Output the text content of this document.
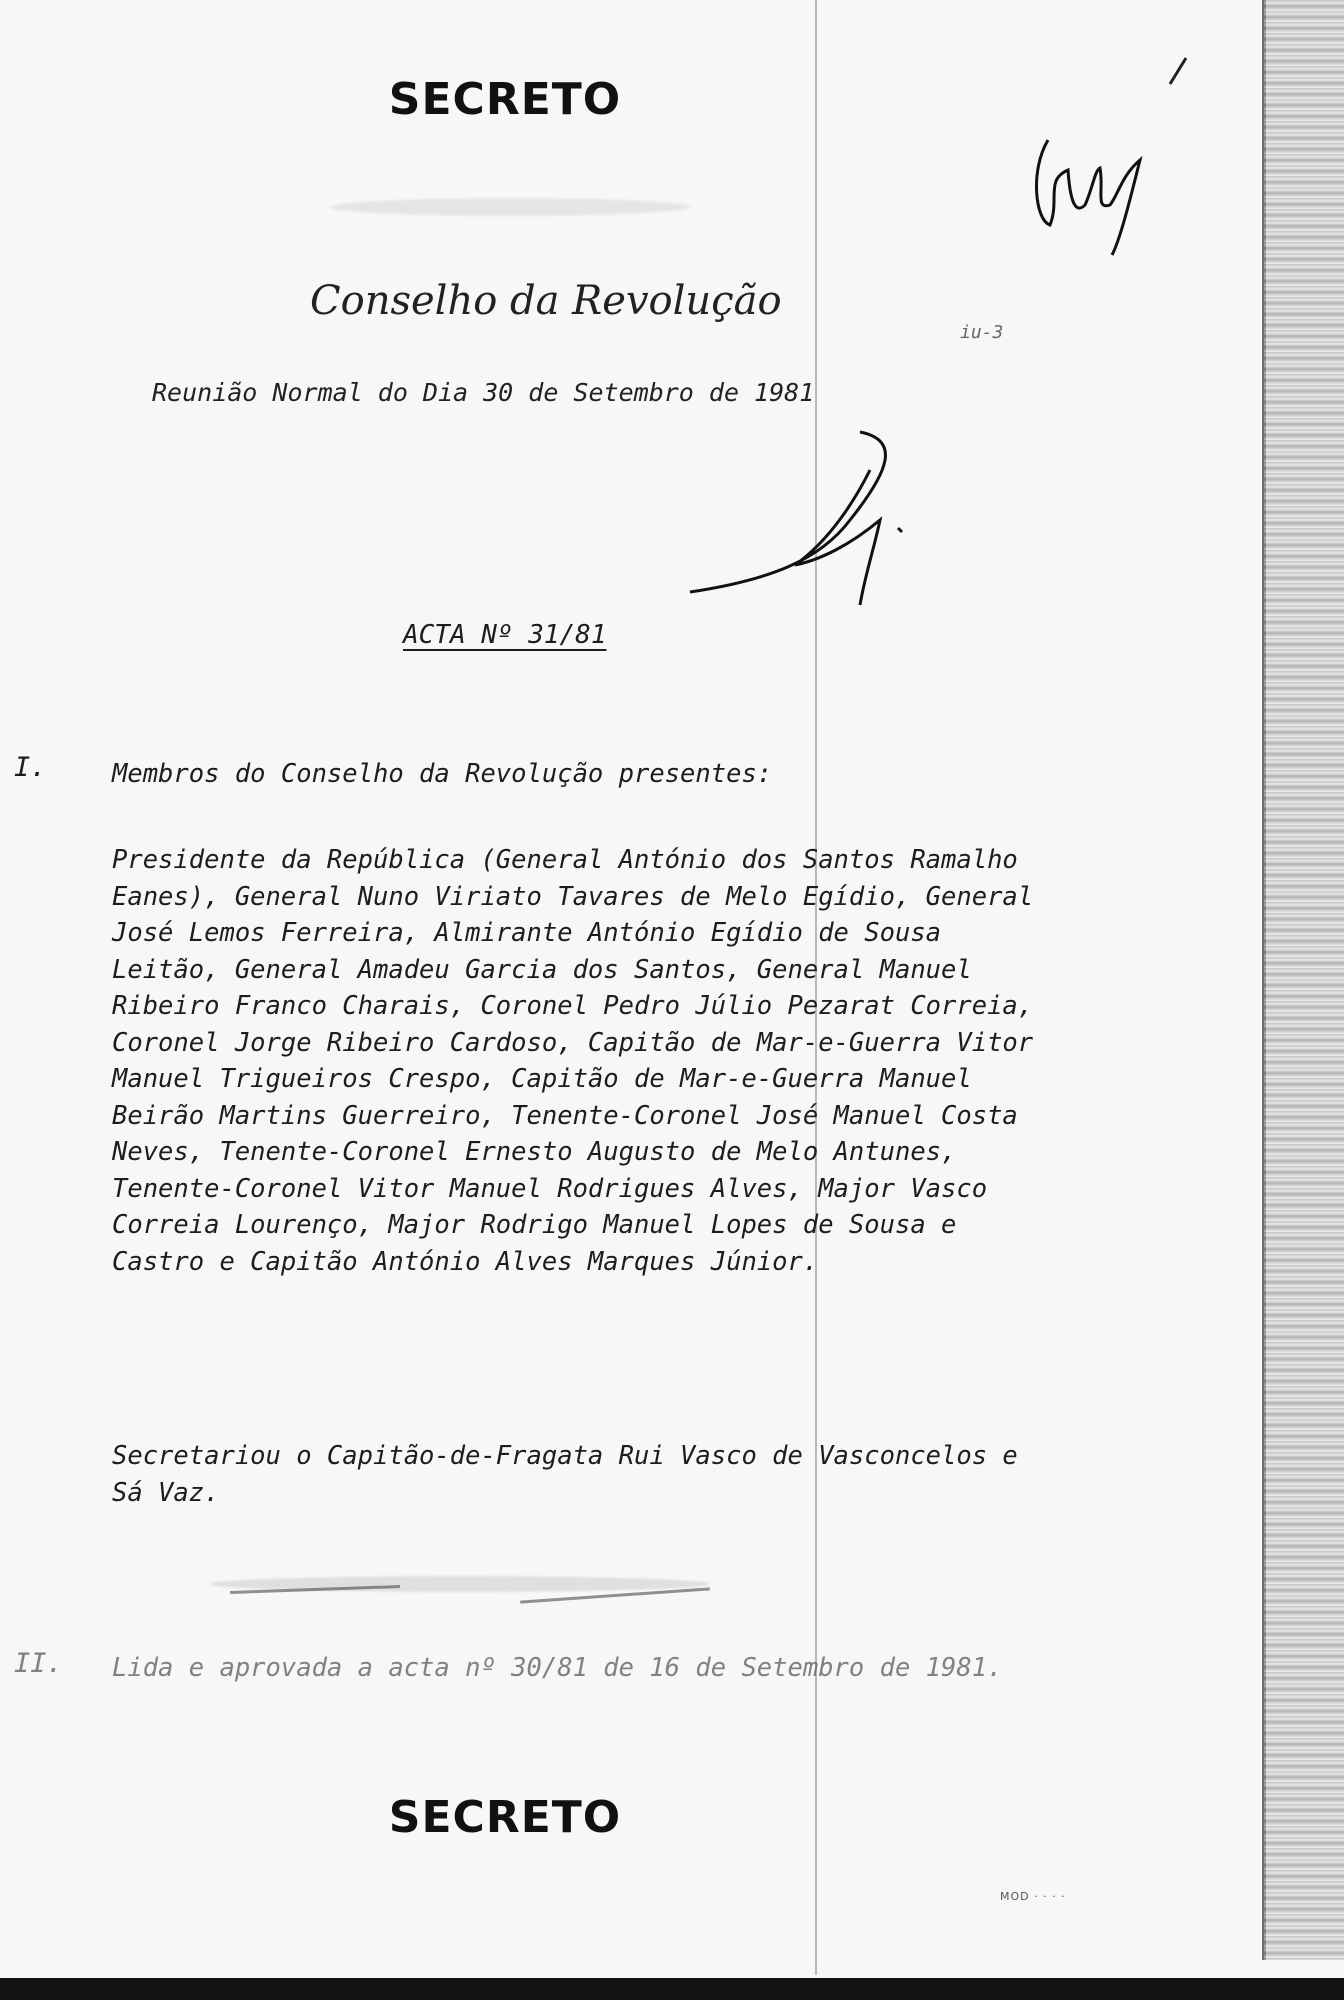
SECRETO
Conselho da Revolução
Reunião Normal do Dia 30 de Setembro de 1981
iu-3
ACTA Nº 31/81
I.	Membros do Conselho da Revolução presentes:
Presidente da República (General António dos Santos Ramalho Eanes), General Nuno Viriato Tavares de Melo Egídio, General José Lemos Ferreira, Almirante António Egídio de Sousa Leitão, General Amadeu Garcia dos Santos, General Manuel Ribeiro Franco Charais, Coronel Pedro Júlio Pezarat Correia, Coronel Jorge Ribeiro Cardoso, Capitão de Mar-e-Guerra Vitor Manuel Trigueiros Crespo, Capitão de Mar-e-Guerra Manuel Beirão Martins Guerreiro, Tenente-Coronel José Manuel Costa Neves, Tenente-Coronel Ernesto Augusto de Melo Antunes, Tenente-Coronel Vitor Manuel Rodrigues Alves, Major Vasco Correia Lourenço, Major Rodrigo Manuel Lopes de Sousa e Castro e Capitão António Alves Marques Júnior.
Secretariou o Capitão-de-Fragata Rui Vasco de Vasconcelos e Sá Vaz.
II. Lida e aprovada a acta nº 30/81 de 16 de Setembro de 1981.
SECRETO
MOD · · · ·
